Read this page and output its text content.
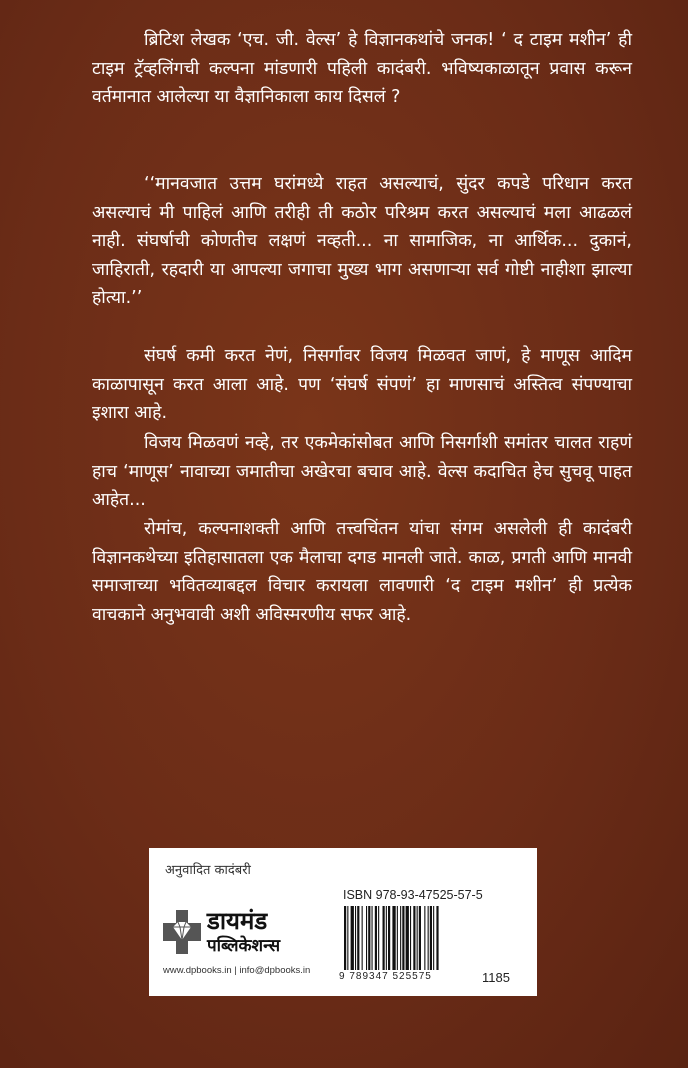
ब्रिटिश लेखक ‘एच. जी. वेल्स’ हे विज्ञानकथांचे जनक! ‘ द टाइम मशीन’ ही टाइम ट्रॅव्हलिंगची कल्पना मांडणारी पहिली कादंबरी. भविष्यकाळातून प्रवास करून वर्तमानात आलेल्या या वैज्ञानिकाला काय दिसलं ?

‘‘मानवजात उत्तम घरांमध्ये राहत असल्याचं, सुंदर कपडे परिधान करत असल्याचं मी पाहिलं आणि तरीही ती कठोर परिश्रम करत असल्याचं मला आढळलं नाही. संघर्षाची कोणतीच लक्षणं नव्हती... ना सामाजिक, ना आर्थिक... दुकानं, जाहिराती, रहदारी या आपल्या जगाचा मुख्य भाग असणाऱ्या सर्व गोष्टी नाहीशा झाल्या होत्या.’’

संघर्ष कमी करत नेणं, निसर्गावर विजय मिळवत जाणं, हे माणूस आदिम काळापासून करत आला आहे. पण ‘संघर्ष संपणं’ हा माणसाचं अस्तित्व संपण्याचा इशारा आहे.

विजय मिळवणं नव्हे, तर एकमेकांसोबत आणि निसर्गाशी समांतर चालत राहणं हाच ‘माणूस’ नावाच्या जमातीचा अखेरचा बचाव आहे. वेल्स कदाचित हेच सुचवू पाहत आहेत...

रोमांच, कल्पनाशक्ती आणि तत्त्वचिंतन यांचा संगम असलेली ही कादंबरी विज्ञानकथेच्या इतिहासातला एक मैलाचा दगड मानली जाते. काळ, प्रगती आणि मानवी समाजाच्या भवितव्याबद्दल विचार करायला लावणारी ‘द टाइम मशीन’ ही प्रत्येक वाचकाने अनुभवावी अशी अविस्मरणीय सफर आहे.

अनुवादित कादंबरी
डायमंड
पब्लिकेशन्स
www.dpbooks.in | info@dpbooks.in
ISBN 978-93-47525-57-5
9 789347 525575	1185
